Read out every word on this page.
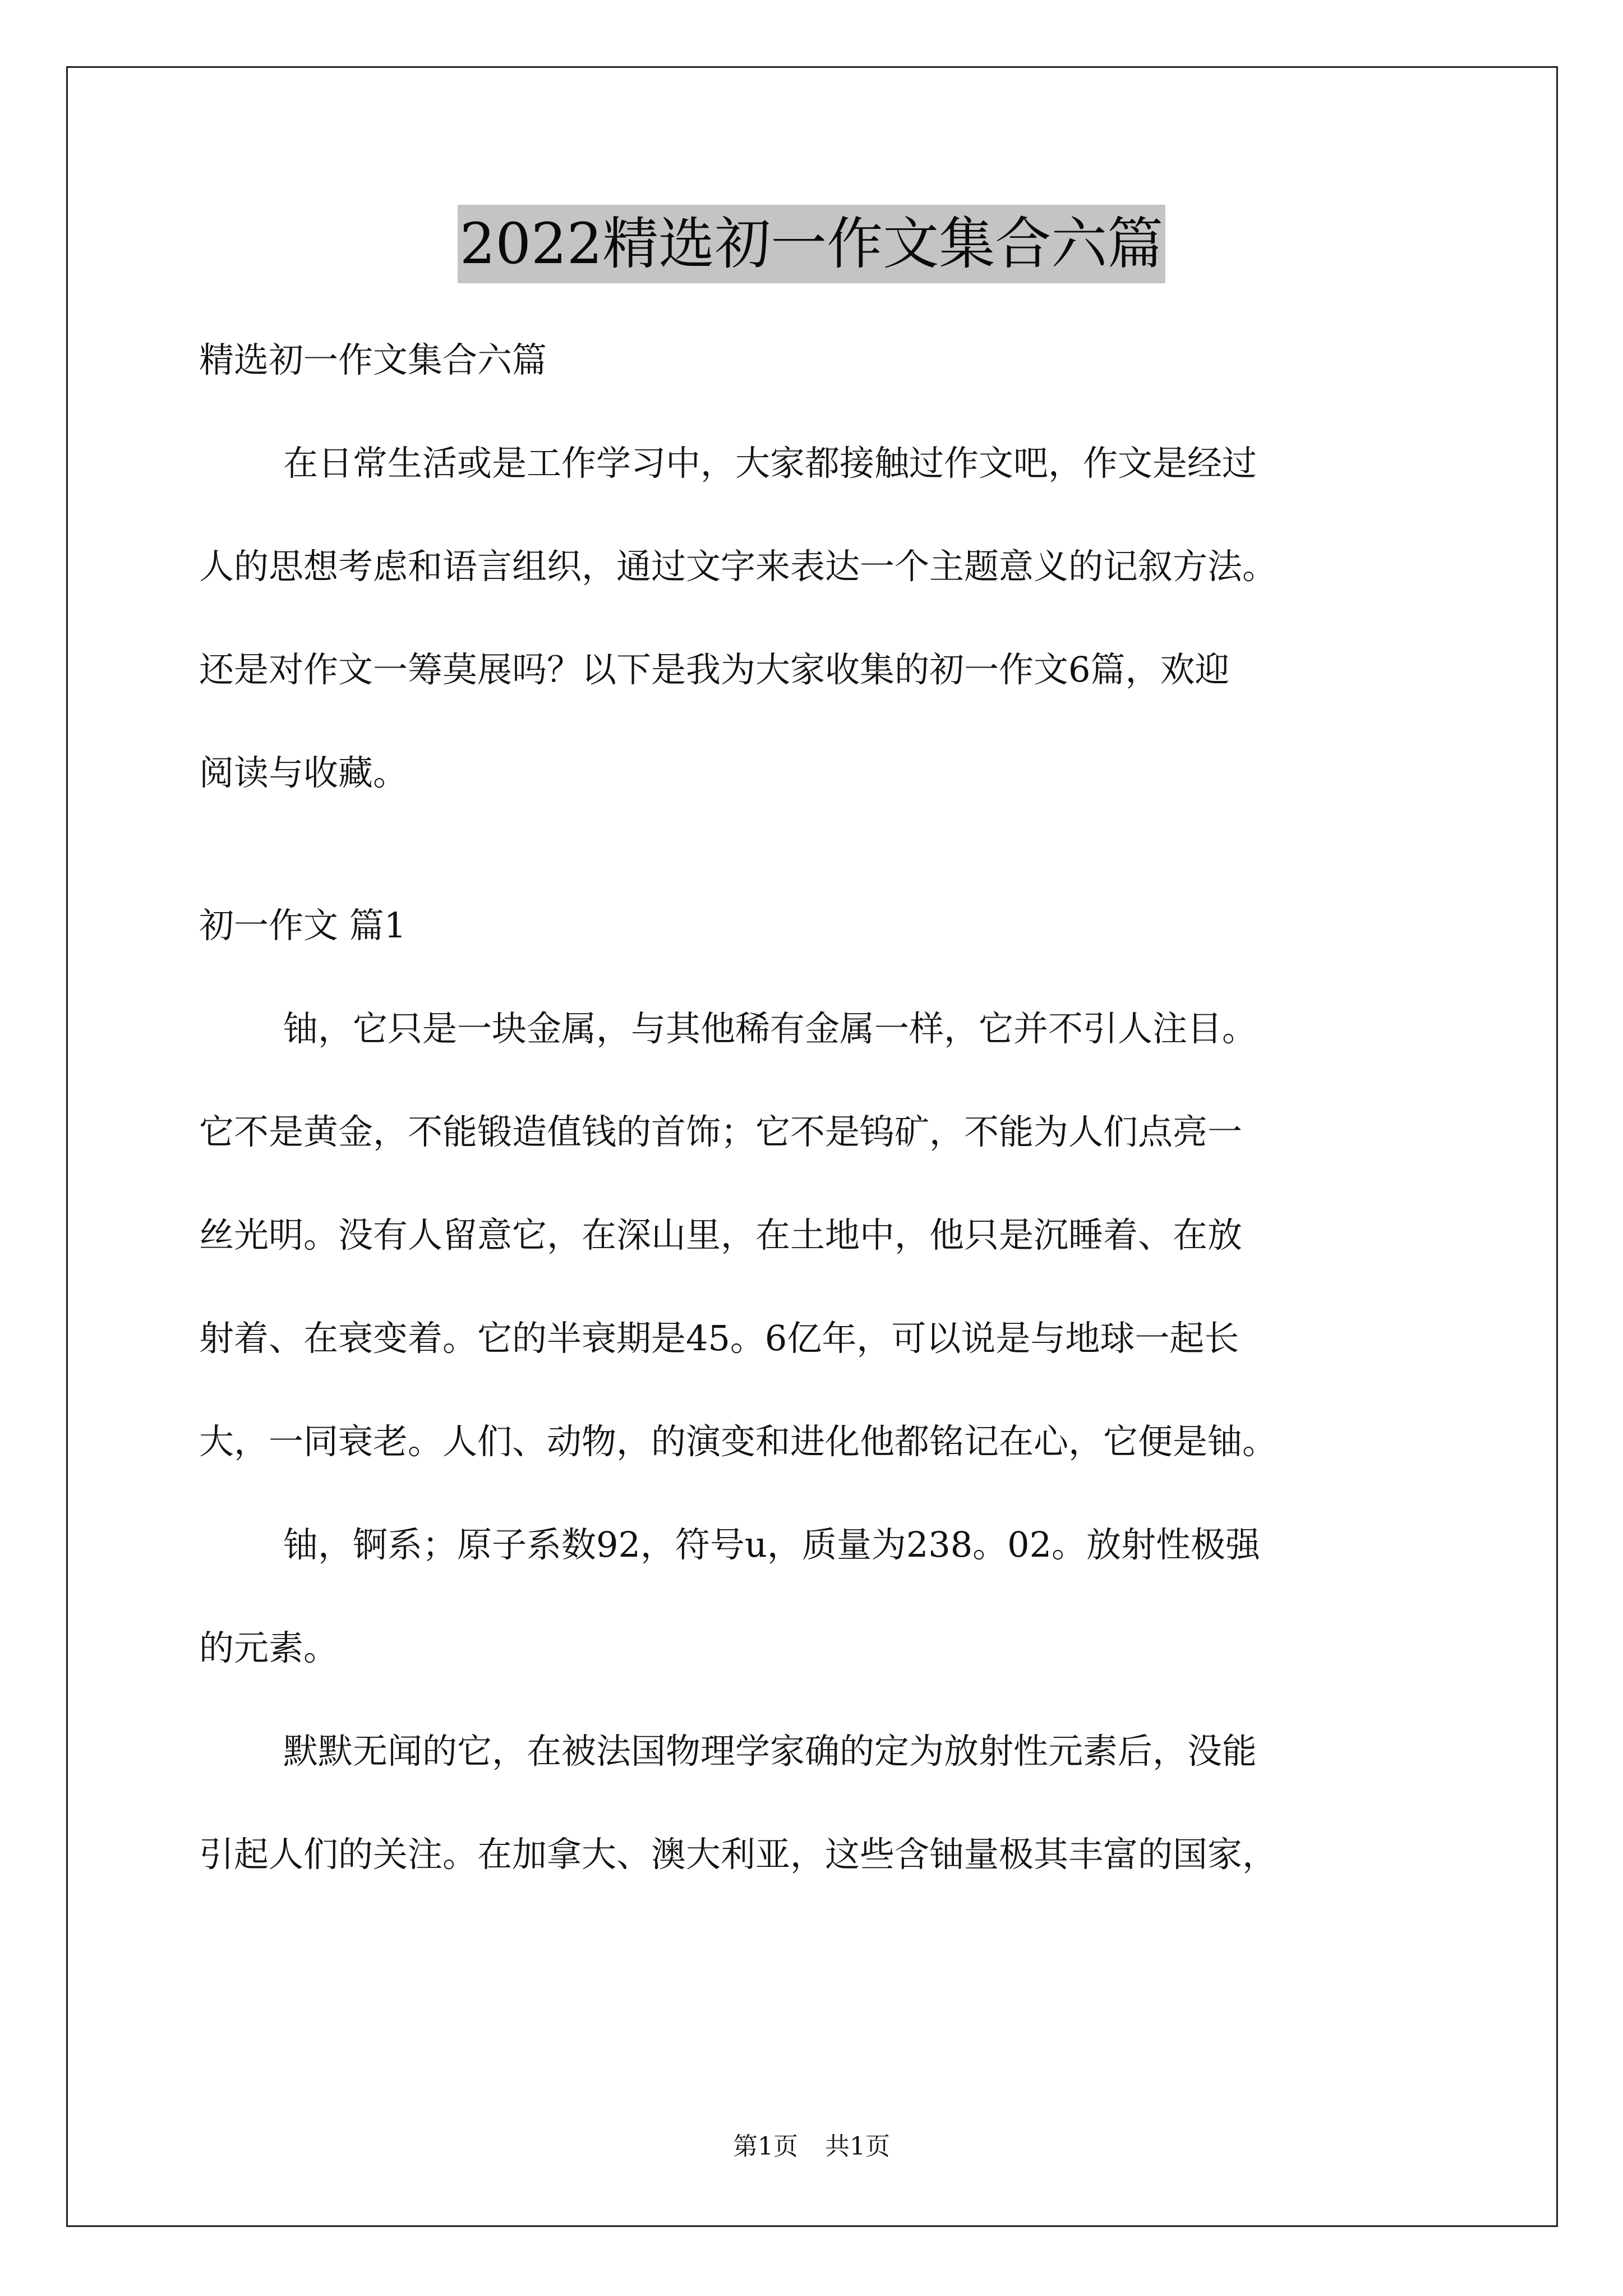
2022精选初一作文集合六篇
精选初一作文集合六篇
在日常生活或是工作学习中，大家都接触过作文吧，作文是经过
人的思想考虑和语言组织，通过文字来表达一个主题意义的记叙方法。
还是对作文一筹莫展吗？以下是我为大家收集的初一作文6篇，欢迎
阅读与收藏。
初一作文 篇1
铀，它只是一块金属，与其他稀有金属一样，它并不引人注目。
它不是黄金，不能锻造值钱的首饰；它不是钨矿，不能为人们点亮一
丝光明。没有人留意它，在深山里，在土地中，他只是沉睡着、在放
射着、在衰变着。它的半衰期是45。6亿年，可以说是与地球一起长
大，一同衰老。人们、动物，的演变和进化他都铭记在心，它便是铀。
铀，锕系；原子系数92，符号u，质量为238。02。放射性极强
的元素。
默默无闻的它，在被法国物理学家确的定为放射性元素后，没能
引起人们的关注。在加拿大、澳大利亚，这些含铀量极其丰富的国家，
第1页 共1页
